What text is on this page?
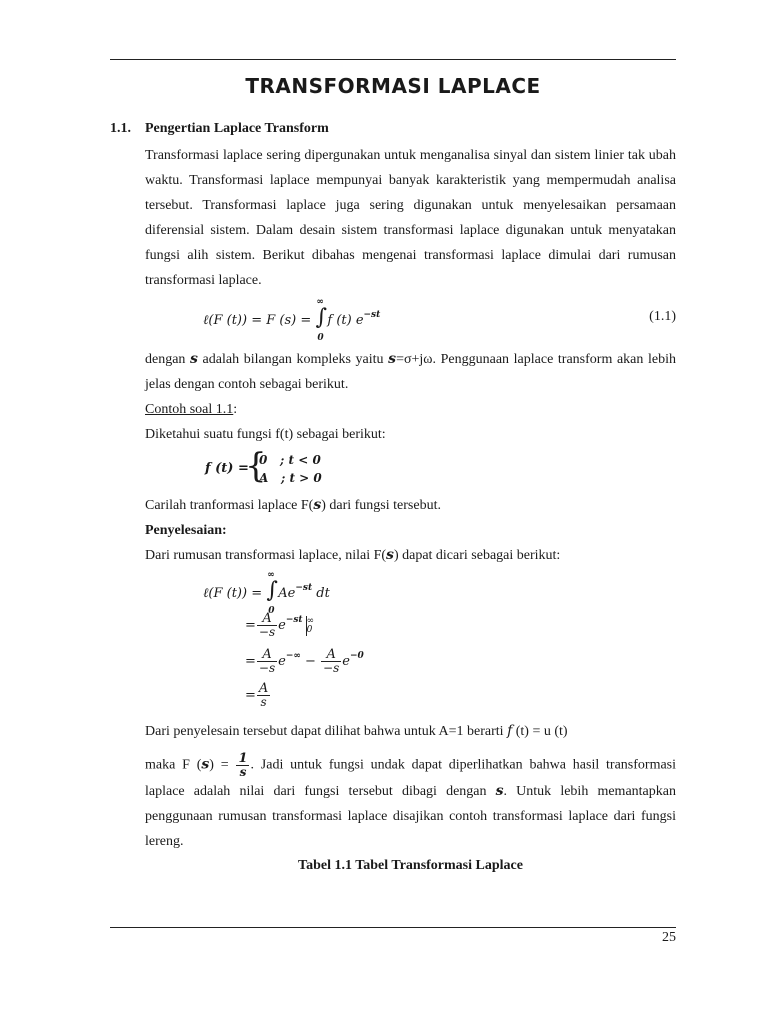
TRANSFORMASI LAPLACE
1.1. Pengertian Laplace Transform

Transformasi laplace sering dipergunakan untuk menganalisa sinyal dan sistem linier tak ubah waktu. Transformasi laplace mempunyai banyak karakteristik yang mempermudah analisa tersebut. Transformasi laplace juga sering digunakan untuk menyelesaikan persamaan diferensial sistem. Dalam desain sistem transformasi laplace digunakan untuk menyatakan fungsi alih sistem. Berikut dibahas mengenai transformasi laplace dimulai dari rumusan transformasi laplace.

ℓ(F (t)) = F (s) =
∞
∫
0
f (t) $e^{-st}$	(1.1)

dengan s adalah bilangan kompleks yaitu s=σ+jω. Penggunaan laplace transform akan lebih jelas dengan contoh sebagai berikut.

Contoh soal 1.1:

Diketahui suatu fungsi f(t) sebagai berikut:

f (t) =
{
0   ; t < 0
A   ; t > 0

Carilah tranformasi laplace F(s) dari fungsi tersebut.

Penyelesaian:

Dari rumusan transformasi laplace, nilai F(s) dapat dicari sebagai berikut:

ℓ(F (t)) =
∞
∫
0
$Ae^{-st}$ dt
= $\frac{A}{-s} e^{-st}$ ∞
0
= $\frac{A}{-s} e^{-\infty} - \frac{A}{-s} e^{-0}$
= $\frac{A}{s}$

Dari penyelesain tersebut dapat dilihat bahwa untuk A=1 berarti f (t) = u (t)

maka F $(s) = \frac{1}{s}$ . Jadi untuk fungsi undak dapat diperlihatkan bahwa hasil transformasi laplace adalah nilai dari fungsi tersebut dibagi dengan s. Untuk lebih memantapkan penggunaan rumusan transformasi laplace disajikan contoh transformasi laplace dari fungsi lereng.

Tabel 1.1 Tabel Transformasi Laplace
25
